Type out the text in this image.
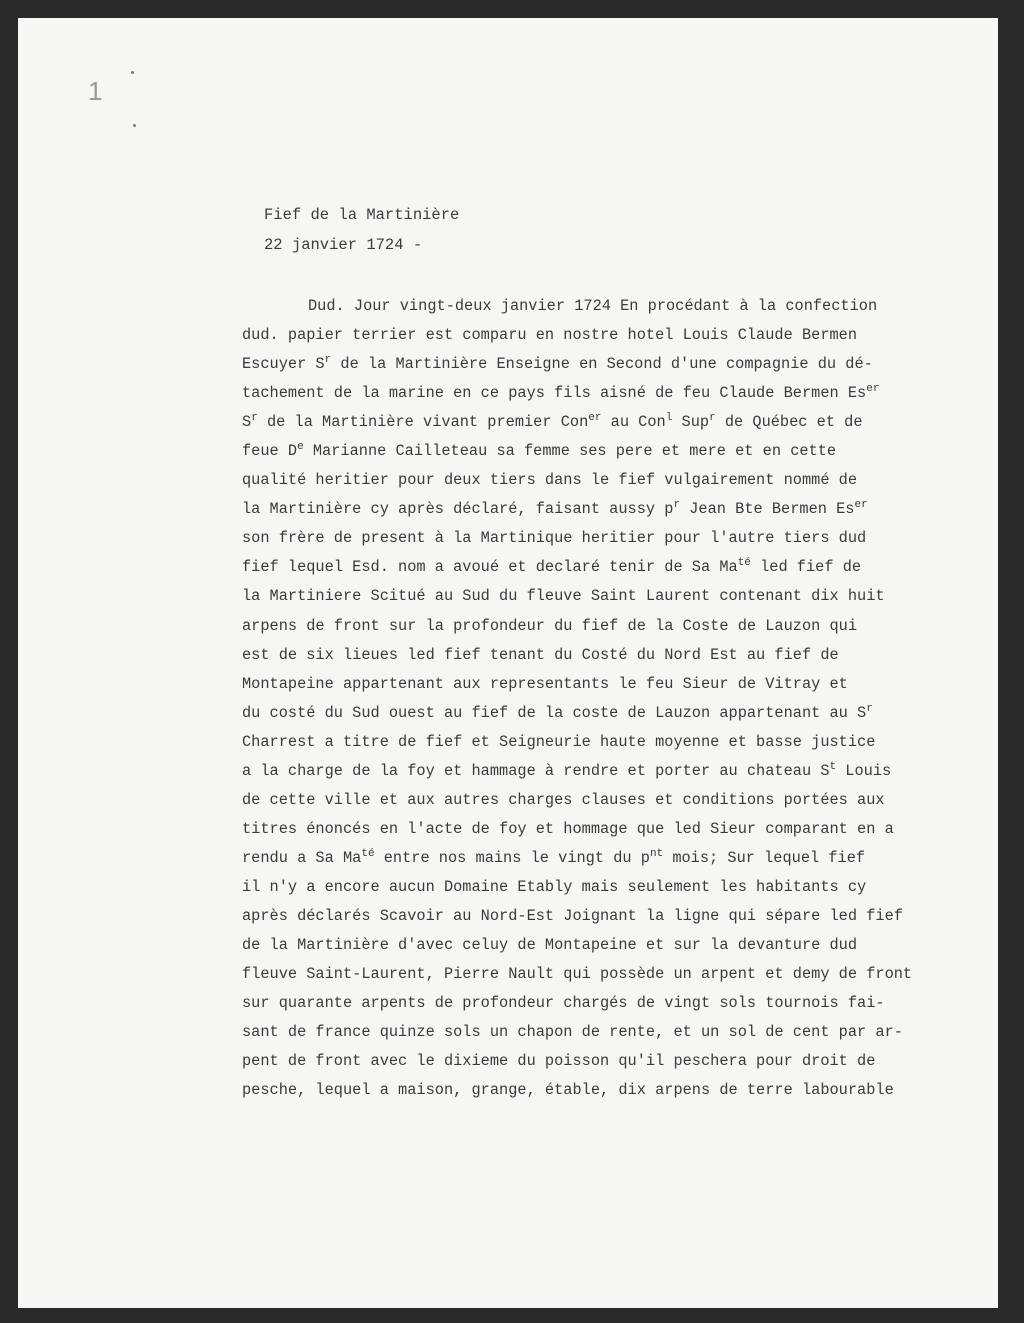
1
Fief de la Martinière
22 janvier 1724 -
Dud. Jour vingt-deux janvier 1724 En procédant à la confection
dud. papier terrier est comparu en nostre hotel Louis Claude Bermen
Escuyer $S^r$ de la Martinière Enseigne en Second d'une compagnie du dé-
tachement de la marine en ce pays fils aisné de feu Claude Bermen $Es^{er}$
$S^r$ de la Martinière vivant premier Con$^{er}$ au Con$^l$ Sup$^r$ de Québec et de
feue De Marianne Cailleteau sa femme ses pere et mere et en cette
qualité heritier pour deux tiers dans le fief vulgairement nommé de
la Martinière cy après déclaré, faisant aussy $p^r$ Jean Bte Bermen $Es^{er}$
son frère de present à la Martinique heritier pour l'autre tiers dud
fief lequel Esd. nom a avoué et declaré tenir de Sa $Ma^{té}$ led fief de
la Martiniere Scitué au Sud du fleuve Saint Laurent contenant dix huit
arpens de front sur la profondeur du fief de la Coste de Lauzon qui
est de six lieues led fief tenant du Costé du Nord Est au fief de
Montapeine appartenant aux representants le feu Sieur de Vitray et
du costé du Sud ouest au fief de la coste de Lauzon appartenant au $S^r$
Charrest a titre de fief et Seigneurie haute moyenne et basse justice
a la charge de la foy et hammage à rendre et porter au chateau $S^t$ Louis
de cette ville et aux autres charges clauses et conditions portées aux
titres énoncés en l'acte de foy et hommage que led Sieur comparant en a
rendu a Sa $Ma^{té}$ entre nos mains le vingt du $p^{nt}$ mois; Sur lequel fief
il n'y a encore aucun Domaine Etably mais seulement les habitants cy
après déclarés Scavoir au Nord-Est Joignant la ligne qui sépare led fief
de la Martinière d'avec celuy de Montapeine et sur la devanture dud
fleuve Saint-Laurent, Pierre Nault qui possède un arpent et demy de front
sur quarante arpents de profondeur chargés de vingt sols tournois fai-
sant de france quinze sols un chapon de rente, et un sol de cent par ar-
pent de front avec le dixieme du poisson qu'il peschera pour droit de
pesche, lequel a maison, grange, étable, dix arpens de terre labourable
